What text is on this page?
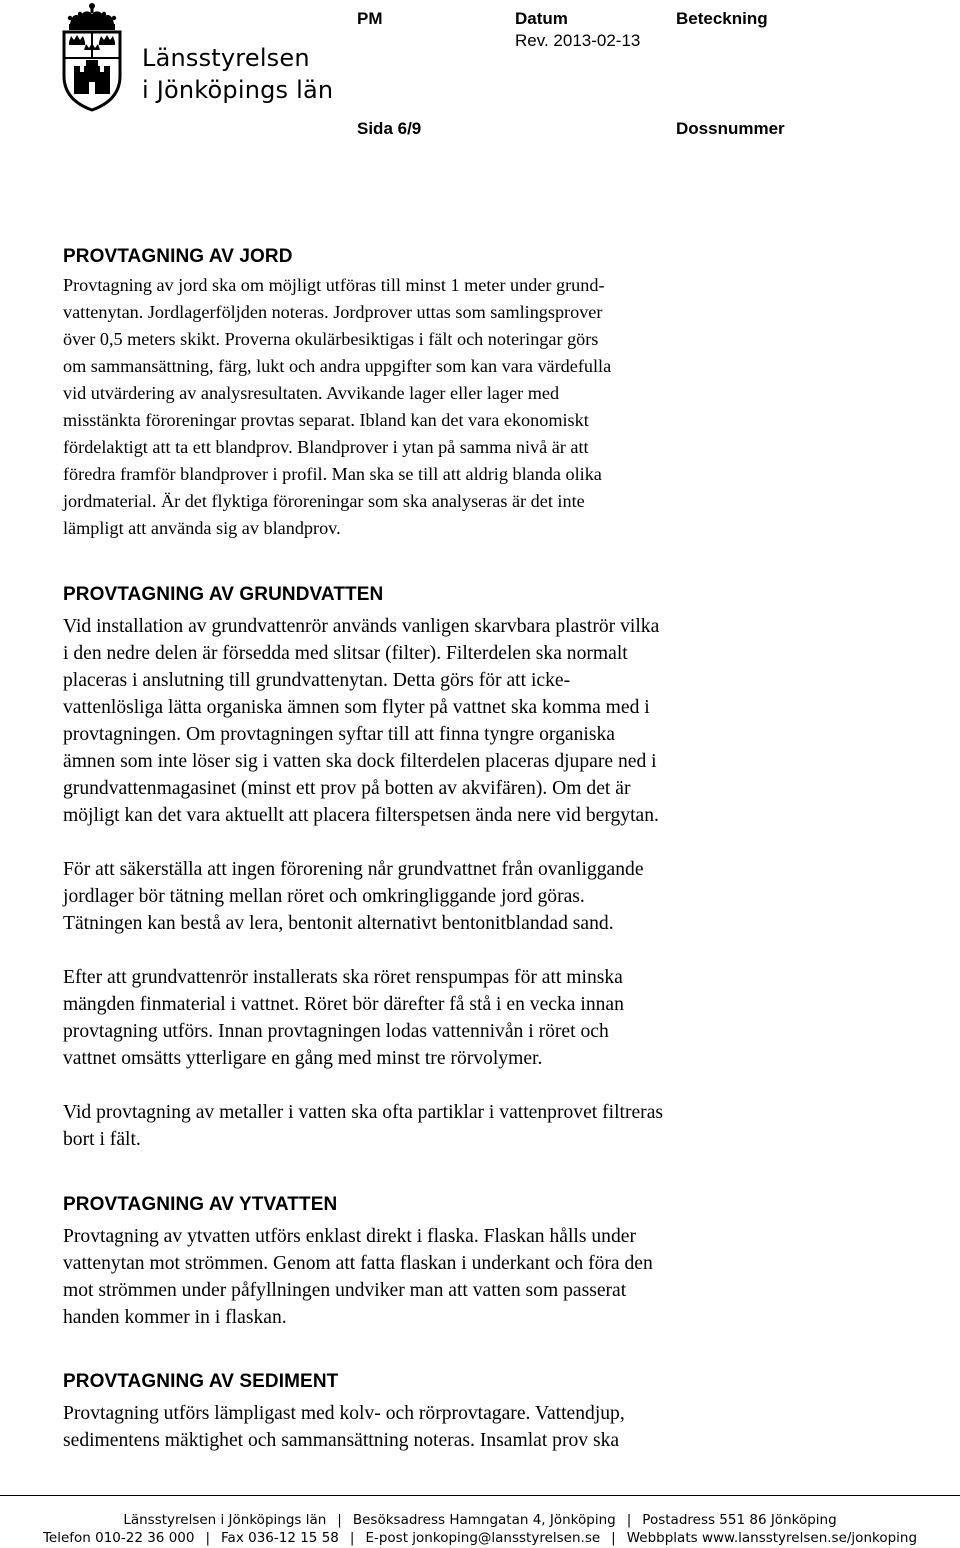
Länsstyrelsen
i Jönköpings län
PM	Datum	Beteckning
Rev. 2013-02-13
Sida 6/9	Dossnummer
PROVTAGNING AV JORD

Provtagning av jord ska om möjligt utföras till minst 1 meter under grund-
vattenytan. Jordlagerföljden noteras. Jordprover uttas som samlingsprover
över 0,5 meters skikt. Proverna okulärbesiktigas i fält och noteringar görs
om sammansättning, färg, lukt och andra uppgifter som kan vara värdefulla
vid utvärdering av analysresultaten. Avvikande lager eller lager med
misstänkta föroreningar provtas separat. Ibland kan det vara ekonomiskt
fördelaktigt att ta ett blandprov. Blandprover i ytan på samma nivå är att
föredra framför blandprover i profil. Man ska se till att aldrig blanda olika
jordmaterial. Är det flyktiga föroreningar som ska analyseras är det inte
lämpligt att använda sig av blandprov.

PROVTAGNING AV GRUNDVATTEN

Vid installation av grundvattenrör används vanligen skarvbara plaströr vilka
i den nedre delen är försedda med slitsar (filter). Filterdelen ska normalt
placeras i anslutning till grundvattenytan. Detta görs för att icke-
vattenlösliga lätta organiska ämnen som flyter på vattnet ska komma med i
provtagningen. Om provtagningen syftar till att finna tyngre organiska
ämnen som inte löser sig i vatten ska dock filterdelen placeras djupare ned i
grundvattenmagasinet (minst ett prov på botten av akvifären). Om det är
möjligt kan det vara aktuellt att placera filterspetsen ända nere vid bergytan.

För att säkerställa att ingen förorening når grundvattnet från ovanliggande
jordlager bör tätning mellan röret och omkringliggande jord göras.
Tätningen kan bestå av lera, bentonit alternativt bentonitblandad sand.

Efter att grundvattenrör installerats ska röret renspumpas för att minska
mängden finmaterial i vattnet. Röret bör därefter få stå i en vecka innan
provtagning utförs. Innan provtagningen lodas vattennivån i röret och
vattnet omsätts ytterligare en gång med minst tre rörvolymer.

Vid provtagning av metaller i vatten ska ofta partiklar i vattenprovet filtreras
bort i fält.

PROVTAGNING AV YTVATTEN

Provtagning av ytvatten utförs enklast direkt i flaska. Flaskan hålls under
vattenytan mot strömmen. Genom att fatta flaskan i underkant och föra den
mot strömmen under påfyllningen undviker man att vatten som passerat
handen kommer in i flaskan.

PROVTAGNING AV SEDIMENT

Provtagning utförs lämpligast med kolv- och rörprovtagare. Vattendjup,
sedimentens mäktighet och sammansättning noteras. Insamlat prov ska

Länsstyrelsen i Jönköpings län | Besöksadress Hamngatan 4, Jönköping | Postadress 551 86 Jönköping
Telefon 010-22 36 000 | Fax 036-12 15 58 | E-post jonkoping@lansstyrelsen.se | Webbplats www.lansstyrelsen.se/jonkoping
